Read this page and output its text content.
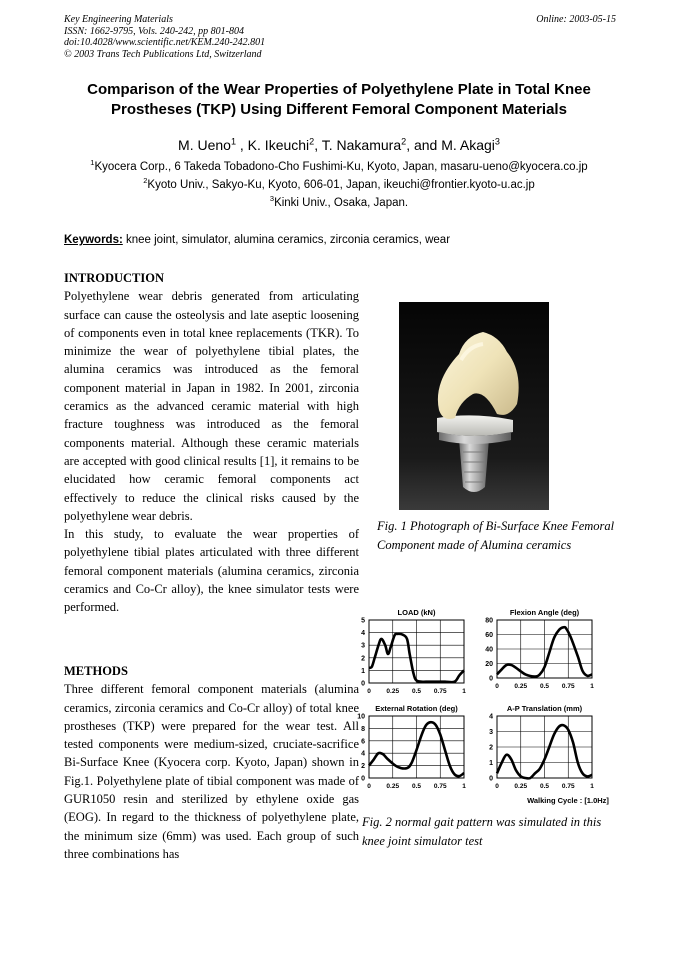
Key Engineering Materials
ISSN: 1662-9795, Vols. 240-242, pp 801-804
doi:10.4028/www.scientific.net/KEM.240-242.801
© 2003 Trans Tech Publications Ltd, Switzerland
Online: 2003-05-15
Comparison of the Wear Properties of Polyethylene Plate in Total Knee
Prostheses (TKP) Using Different Femoral Component Materials
M. Ueno$^1$ , K. Ikeuchi$^2$, T. Nakamura$^2$, and M. Akagi$^3$
$^1$Kyocera Corp., 6 Takeda Tobadono-Cho Fushimi-Ku, Kyoto, Japan, masaru-ueno@kyocera.co.jp
$^2$Kyoto Univ., Sakyo-Ku, Kyoto, 606-01, Japan, ikeuchi@frontier.kyoto-u.ac.jp
$^3$Kinki Univ., Osaka, Japan.
Keywords: knee joint, simulator, alumina ceramics, zirconia ceramics, wear
INTRODUCTION
Polyethylene wear debris generated from articulating surface can cause the osteolysis and late aseptic loosening of components even in total knee replacements (TKR). To minimize the wear of polyethylene tibial plates, the alumina ceramics was introduced as the femoral component material in Japan in 1982. In 2001, zirconia ceramics as the advanced ceramic material with high fracture toughness was introduced as the femoral components material. Although these ceramic materials are accepted with good clinical results [1], it remains to be elucidated how ceramic femoral components act effectively to reduce the clinical risks caused by the polyethylene wear debris.
In this study, to evaluate the wear properties of polyethylene tibial plates articulated with three different femoral component materials (alumina ceramics, zirconia ceramics and Co-Cr alloy), the knee simulator tests were performed.
METHODS
Three different femoral component materials (alumina ceramics, zirconia ceramics and Co-Cr alloy) of total knee prostheses (TKP) were prepared for the wear test. All tested components were medium-sized, cruciate-sacrifice Bi-Surface Knee (Kyocera corp. Kyoto, Japan) shown in Fig.1. Polyethylene plate of tibial component was made of GUR1050 resin and sterilized by ethylene oxide gas (EOG). In regard to the thickness of polyethylene plate, the minimum size (6mm) was used. Each group of such three combinations has
Fig. 1 Photograph of Bi-Surface Knee Femoral Component made of Alumina ceramics
Walking Cycle : [1.0Hz]
LOAD (kN)
0
1
2
3
4
5
0 0.25 0.5 0.75 1
Flexion Angle (deg)
0
20
40
60
80
0 0.25 0.5 0.75 1
External Rotation (deg)
0
2
4
6
8
10
0 0.25 0.5 0.75 1
A-P Translation (mm)
0
1
2
3
4
0 0.25 0.5 0.75 1
Fig. 2 normal gait pattern was simulated in this knee joint simulator test
